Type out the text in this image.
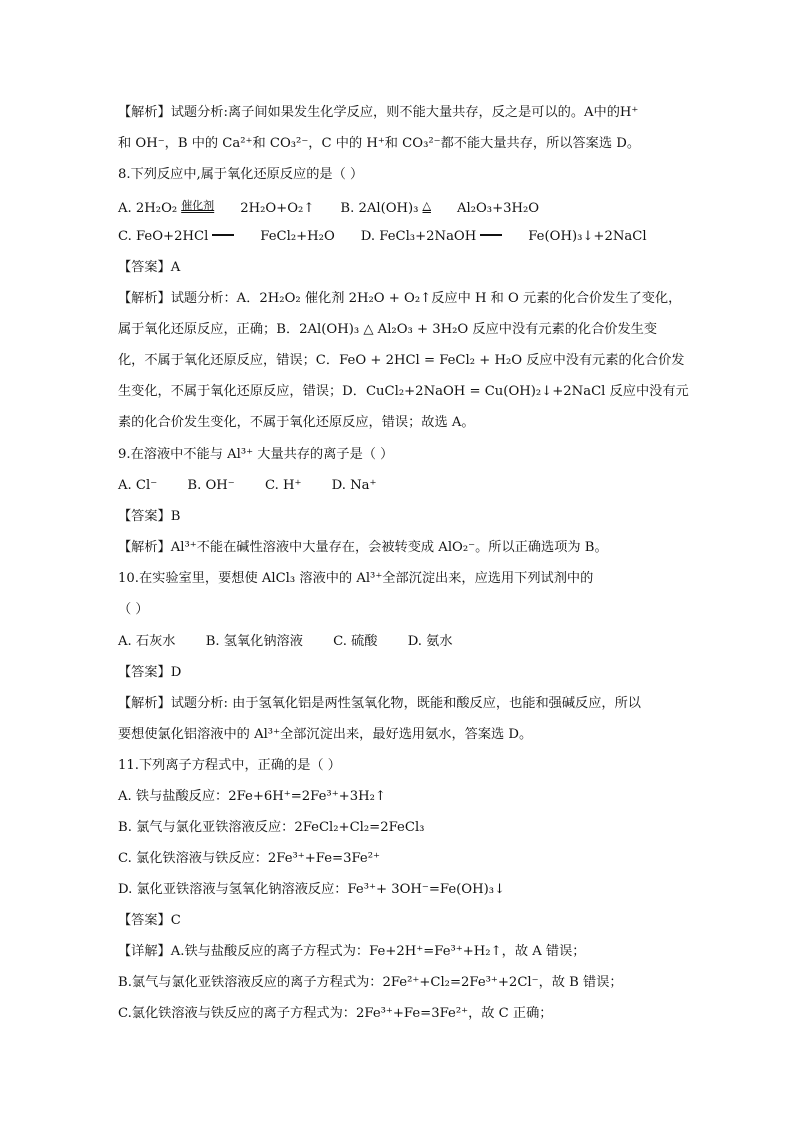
【解析】试题分析:离子间如果发生化学反应，则不能大量共存，反之是可以的。A中的H⁺
和 OH⁻，B 中的 Ca²⁺和 CO₃²⁻，C 中的 H⁺和 CO₃²⁻都不能大量共存，所以答案选 D。
8.下列反应中,属于氧化还原反应的是（ ）
A. 2H₂O₂ 催化剂 2H₂O+O₂↑ B. 2Al(OH)₃ △ Al₂O₃+3H₂O
C. FeO+2HCl	FeCl₂+H₂O D. FeCl₃+2NaOH	Fe(OH)₃↓+2NaCl
【答案】A
【解析】试题分析：A．2H₂O₂ 催化剂 2H₂O + O₂↑反应中 H 和 O 元素的化合价发生了变化，
属于氧化还原反应，正确；B．2Al(OH)₃ △ Al₂O₃ + 3H₂O 反应中没有元素的化合价发生变
化，不属于氧化还原反应，错误；C．FeO + 2HCl = FeCl₂ + H₂O 反应中没有元素的化合价发
生变化，不属于氧化还原反应，错误；D．CuCl₂+2NaOH = Cu(OH)₂↓+2NaCl 反应中没有元
素的化合价发生变化，不属于氧化还原反应，错误；故选 A。
9.在溶液中不能与 Al³⁺ 大量共存的离子是（ ）
A. Cl⁻ B. OH⁻ C. H⁺ D. Na⁺
【答案】B
【解析】Al³⁺不能在碱性溶液中大量存在，会被转变成 AlO₂⁻。所以正确选项为 B。
10.在实验室里，要想使 AlCl₃ 溶液中的 Al³⁺全部沉淀出来，应选用下列试剂中的
（ ）
A. 石灰水 B. 氢氧化钠溶液 C. 硫酸 D. 氨水
【答案】D
【解析】试题分析: 由于氢氧化铝是两性氢氧化物，既能和酸反应，也能和强碱反应，所以
要想使氯化铝溶液中的 Al³⁺全部沉淀出来，最好选用氨水，答案选 D。
11.下列离子方程式中，正确的是（ ）
A. 铁与盐酸反应：2Fe+6H⁺=2Fe³⁺+3H₂↑
B. 氯气与氯化亚铁溶液反应：2FeCl₂+Cl₂=2FeCl₃
C. 氯化铁溶液与铁反应：2Fe³⁺+Fe=3Fe²⁺
D. 氯化亚铁溶液与氢氧化钠溶液反应：Fe³⁺+ 3OH⁻=Fe(OH)₃↓
【答案】C
【详解】A.铁与盐酸反应的离子方程式为：Fe+2H⁺=Fe³⁺+H₂↑，故 A 错误；
B.氯气与氯化亚铁溶液反应的离子方程式为：2Fe²⁺+Cl₂=2Fe³⁺+2Cl⁻，故 B 错误；
C.氯化铁溶液与铁反应的离子方程式为：2Fe³⁺+Fe=3Fe²⁺，故 C 正确；
